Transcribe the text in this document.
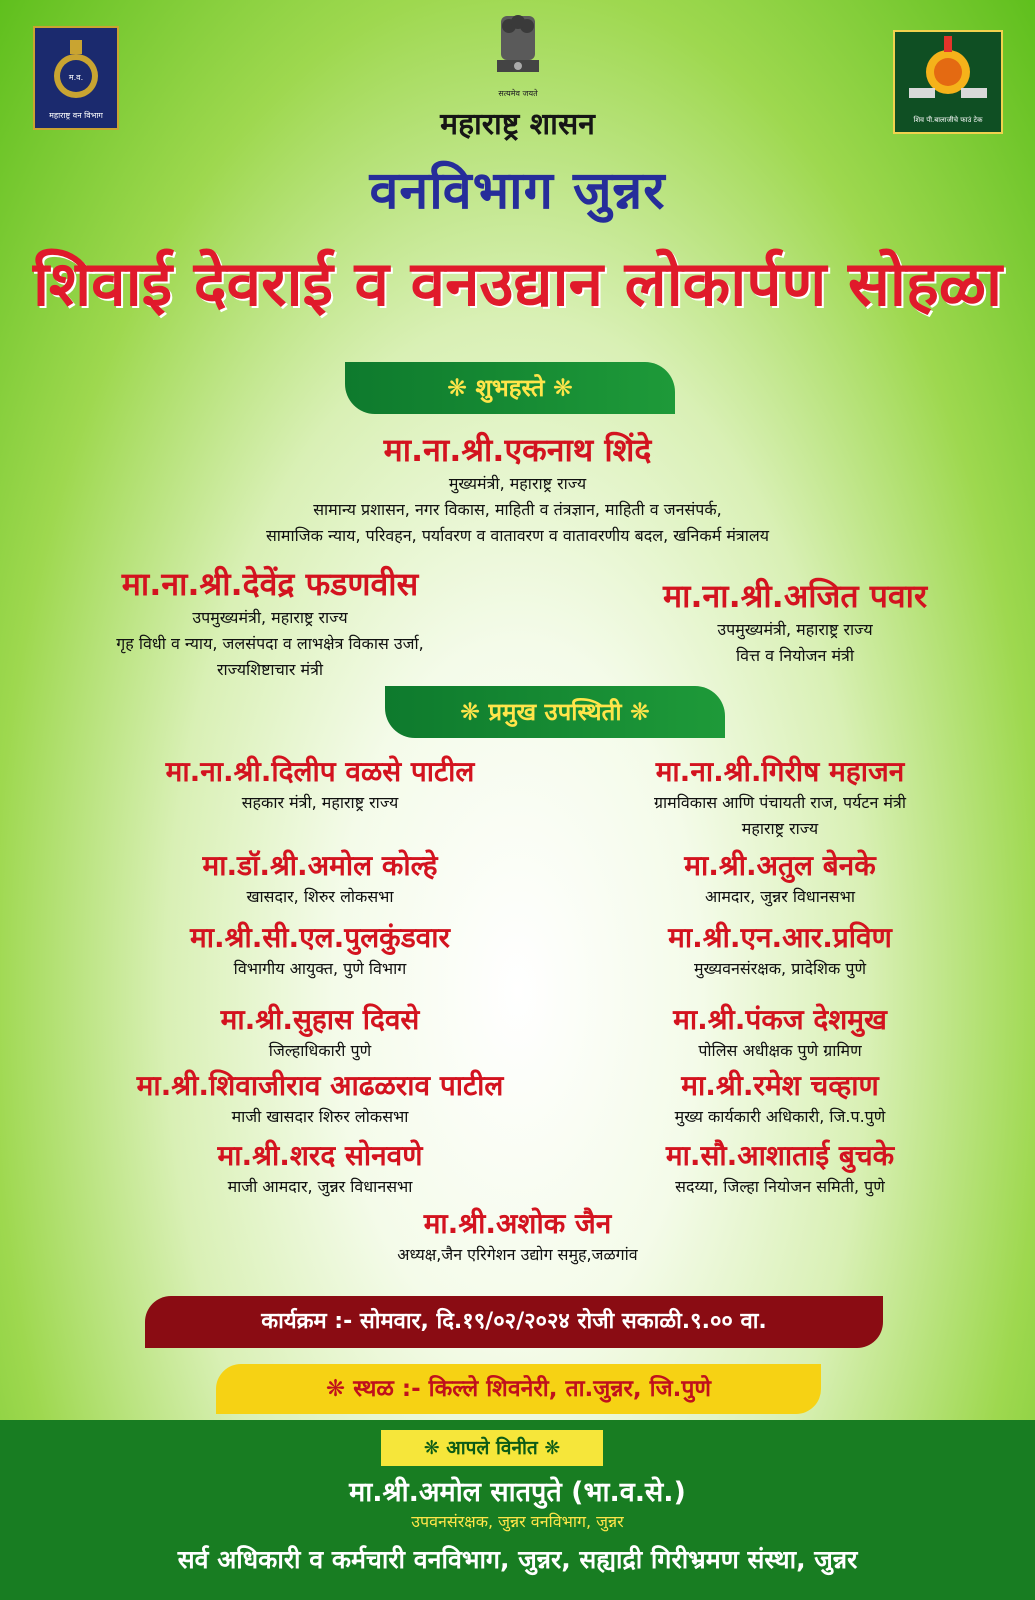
म.व.
महाराष्ट्र वन विभाग
सत्यमेव जयते
शिव पी.बालाजीचे फाउं टेक
महाराष्ट्र शासन
वनविभाग जुन्नर
शिवाई देवराई व वनउद्यान लोकार्पण सोहळा
❋ शुभहस्ते ❋
मा.ना.श्री.एकनाथ शिंदे
मुख्यमंत्री, महाराष्ट्र राज्य
सामान्य प्रशासन, नगर विकास, माहिती व तंत्रज्ञान, माहिती व जनसंपर्क,
सामाजिक न्याय, परिवहन, पर्यावरण व वातावरण व वातावरणीय बदल, खनिकर्म मंत्रालय
मा.ना.श्री.देवेंद्र फडणवीस
उपमुख्यमंत्री, महाराष्ट्र राज्य
गृह विधी व न्याय, जलसंपदा व लाभक्षेत्र विकास उर्जा,
राज्यशिष्टाचार मंत्री
मा.ना.श्री.अजित पवार
उपमुख्यमंत्री, महाराष्ट्र राज्य
वित्त व नियोजन मंत्री
❋ प्रमुख उपस्थिती ❋
मा.ना.श्री.दिलीप वळसे पाटील
सहकार मंत्री, महाराष्ट्र राज्य
मा.ना.श्री.गिरीष महाजन
ग्रामविकास आणि पंचायती राज, पर्यटन मंत्री
महाराष्ट्र राज्य
मा.डॉ.श्री.अमोल कोल्हे
खासदार, शिरुर लोकसभा
मा.श्री.अतुल बेनके
आमदार, जुन्नर विधानसभा
मा.श्री.सी.एल.पुलकुंडवार
विभागीय आयुक्त, पुणे विभाग
मा.श्री.एन.आर.प्रविण
मुख्यवनसंरक्षक, प्रादेशिक पुणे
मा.श्री.सुहास दिवसे
जिल्हाधिकारी पुणे
मा.श्री.पंकज देशमुख
पोलिस अधीक्षक पुणे ग्रामिण
मा.श्री.शिवाजीराव आढळराव पाटील
माजी खासदार शिरुर लोकसभा
मा.श्री.रमेश चव्हाण
मुख्य कार्यकारी अधिकारी, जि.प.पुणे
मा.श्री.शरद सोनवणे
माजी आमदार, जुन्नर विधानसभा
मा.सौ.आशाताई बुचके
सदय्या, जिल्हा नियोजन समिती, पुणे
मा.श्री.अशोक जैन
अध्यक्ष,जैन एरिगेशन उद्योग समुह,जळगांव
कार्यक्रम :- सोमवार, दि.१९/०२/२०२४ रोजी सकाळी.९.०० वा.
❋ स्थळ :- किल्ले शिवनेरी, ता.जुन्नर, जि.पुणे
❋ आपले विनीत ❋
मा.श्री.अमोल सातपुते (भा.व.से.)
उपवनसंरक्षक, जुन्नर वनविभाग, जुन्नर
सर्व अधिकारी व कर्मचारी वनविभाग, जुन्नर, सह्याद्री गिरीभ्रमण संस्था, जुन्नर
